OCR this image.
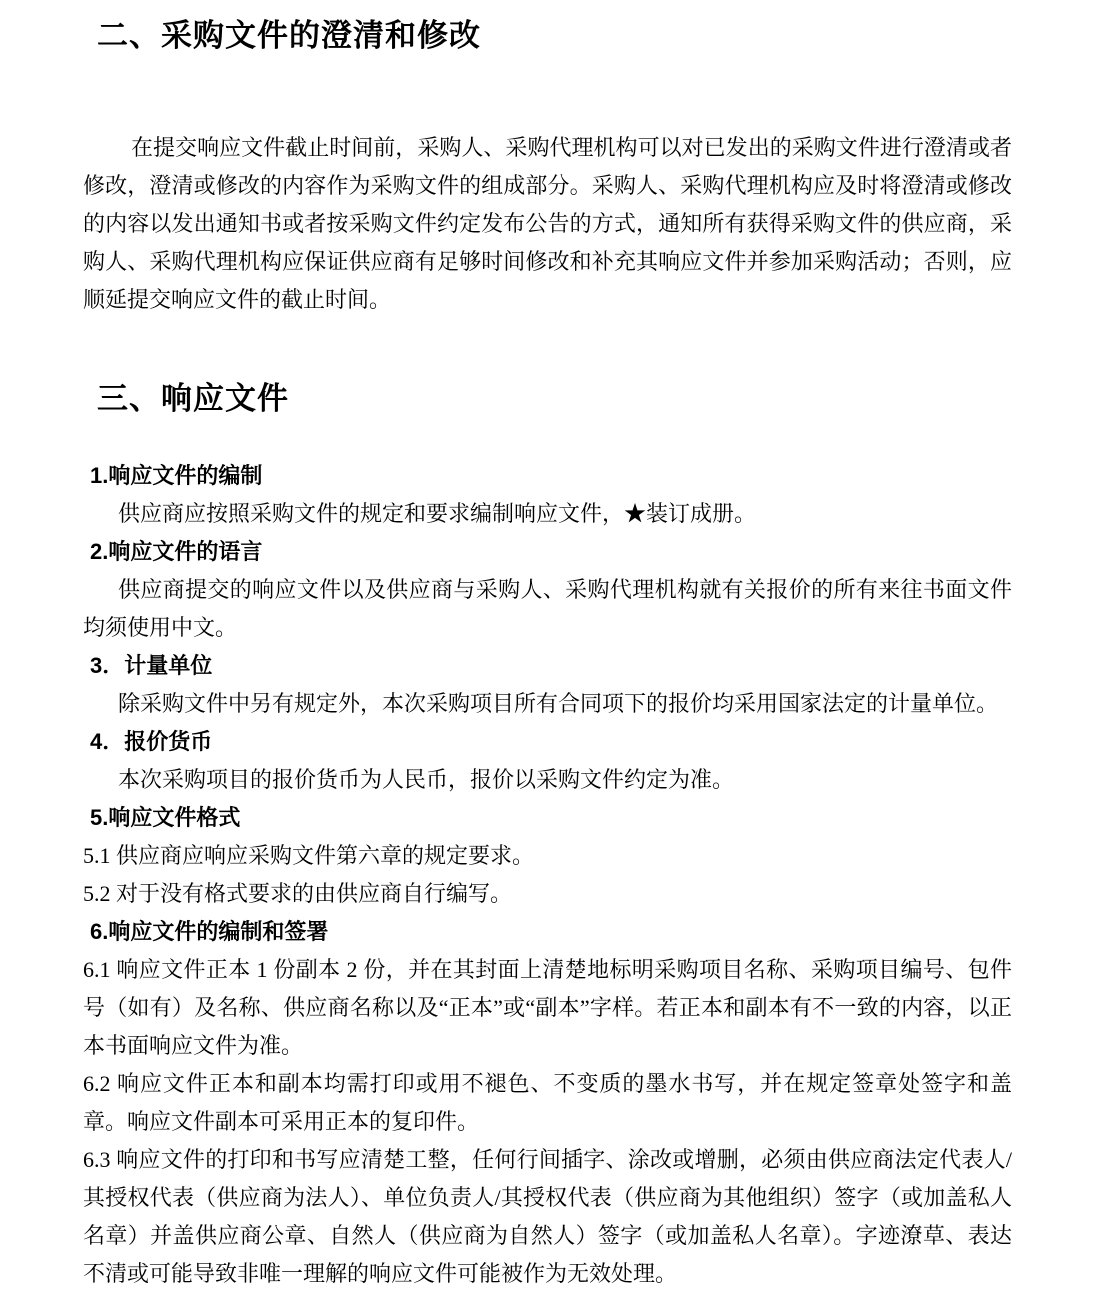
二、采购文件的澄清和修改

在提交响应文件截止时间前，采购人、采购代理机构可以对已发出的采购文件进行澄清或者修改，澄清或修改的内容作为采购文件的组成部分。采购人、采购代理机构应及时将澄清或修改的内容以发出通知书或者按采购文件约定发布公告的方式，通知所有获得采购文件的供应商，采购人、采购代理机构应保证供应商有足够时间修改和补充其响应文件并参加采购活动；否则，应顺延提交响应文件的截止时间。

三、响应文件
1.响应文件的编制

供应商应按照采购文件的规定和要求编制响应文件，★装订成册。

2.响应文件的语言

供应商提交的响应文件以及供应商与采购人、采购代理机构就有关报价的所有来往书面文件均须使用中文。

3．计量单位

除采购文件中另有规定外，本次采购项目所有合同项下的报价均采用国家法定的计量单位。

4．报价货币

本次采购项目的报价货币为人民币，报价以采购文件约定为准。

5.响应文件格式

5.1 供应商应响应采购文件第六章的规定要求。

5.2 对于没有格式要求的由供应商自行编写。

6.响应文件的编制和签署

6.1 响应文件正本 1 份副本 2 份，并在其封面上清楚地标明采购项目名称、采购项目编号、包件号（如有）及名称、供应商名称以及“正本”或“副本”字样。若正本和副本有不一致的内容，以正本书面响应文件为准。

6.2 响应文件正本和副本均需打印或用不褪色、不变质的墨水书写，并在规定签章处签字和盖章。响应文件副本可采用正本的复印件。

6.3 响应文件的打印和书写应清楚工整，任何行间插字、涂改或增删，必须由供应商法定代表人/其授权代表（供应商为法人）、单位负责人/其授权代表（供应商为其他组织）签字（或加盖私人名章）并盖供应商公章、自然人（供应商为自然人）签字（或加盖私人名章）。字迹潦草、表达不清或可能导致非唯一理解的响应文件可能被作为无效处理。
